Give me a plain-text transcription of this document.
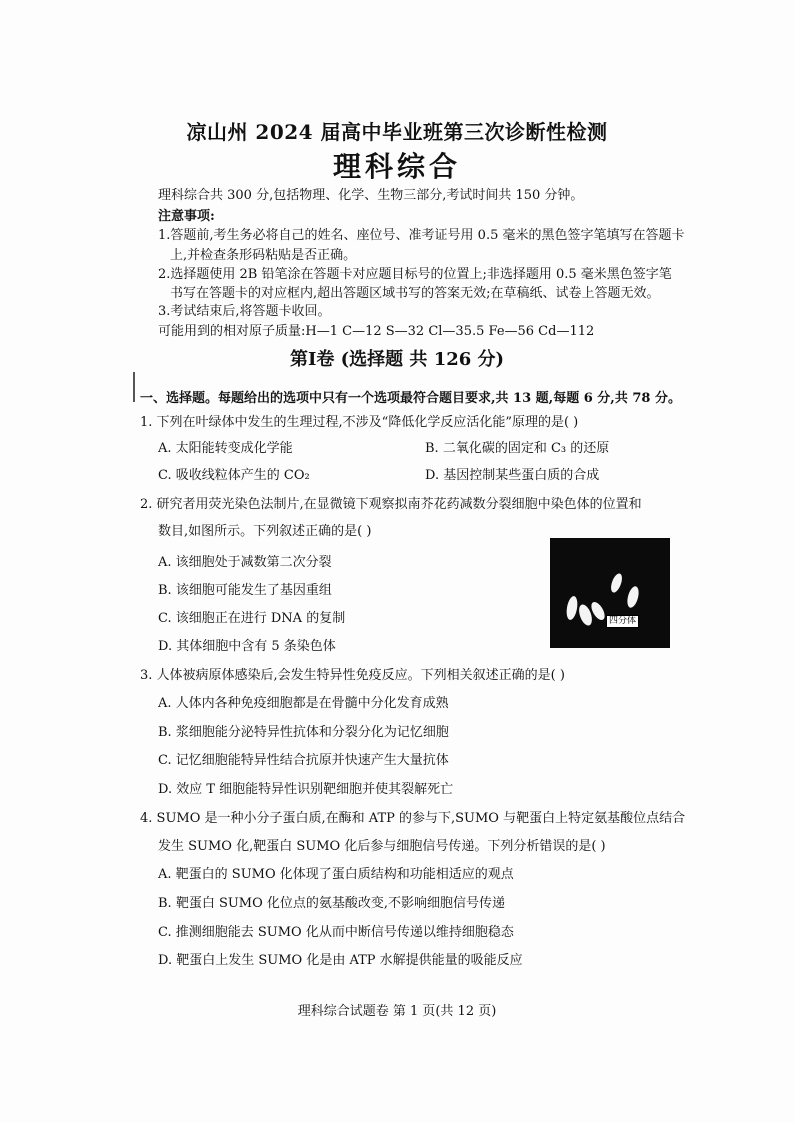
凉山州 2024 届高中毕业班第三次诊断性检测
理科综合
理科综合共 300 分,包括物理、化学、生物三部分,考试时间共 150 分钟。
注意事项:
1.答题前,考生务必将自己的姓名、座位号、准考证号用 0.5 毫米的黑色签字笔填写在答题卡
上,并检查条形码粘贴是否正确。
2.选择题使用 2B 铅笔涂在答题卡对应题目标号的位置上;非选择题用 0.5 毫米黑色签字笔
书写在答题卡的对应框内,超出答题区域书写的答案无效;在草稿纸、试卷上答题无效。
3.考试结束后,将答题卡收回。
可能用到的相对原子质量:H—1 C—12 S—32 Cl—35.5 Fe—56 Cd—112
第Ⅰ卷 (选择题 共 126 分)
一、选择题。每题给出的选项中只有一个选项最符合题目要求,共 13 题,每题 6 分,共 78 分。
1. 下列在叶绿体中发生的生理过程,不涉及“降低化学反应活化能”原理的是( )
A. 太阳能转变成化学能	B. 二氧化碳的固定和 C₃ 的还原
C. 吸收线粒体产生的 CO₂	D. 基因控制某些蛋白质的合成
2. 研究者用荧光染色法制片,在显微镜下观察拟南芥花药减数分裂细胞中染色体的位置和
数目,如图所示。下列叙述正确的是( )
A. 该细胞处于减数第二次分裂
B. 该细胞可能发生了基因重组
C. 该细胞正在进行 DNA 的复制
D. 其体细胞中含有 5 条染色体
四分体
3. 人体被病原体感染后,会发生特异性免疫反应。下列相关叙述正确的是( )
A. 人体内各种免疫细胞都是在骨髓中分化发育成熟
B. 浆细胞能分泌特异性抗体和分裂分化为记忆细胞
C. 记忆细胞能特异性结合抗原并快速产生大量抗体
D. 效应 T 细胞能特异性识别靶细胞并使其裂解死亡
4. SUMO 是一种小分子蛋白质,在酶和 ATP 的参与下,SUMO 与靶蛋白上特定氨基酸位点结合
发生 SUMO 化,靶蛋白 SUMO 化后参与细胞信号传递。下列分析错误的是( )
A. 靶蛋白的 SUMO 化体现了蛋白质结构和功能相适应的观点
B. 靶蛋白 SUMO 化位点的氨基酸改变,不影响细胞信号传递
C. 推测细胞能去 SUMO 化从而中断信号传递以维持细胞稳态
D. 靶蛋白上发生 SUMO 化是由 ATP 水解提供能量的吸能反应
理科综合试题卷 第 1 页(共 12 页)
